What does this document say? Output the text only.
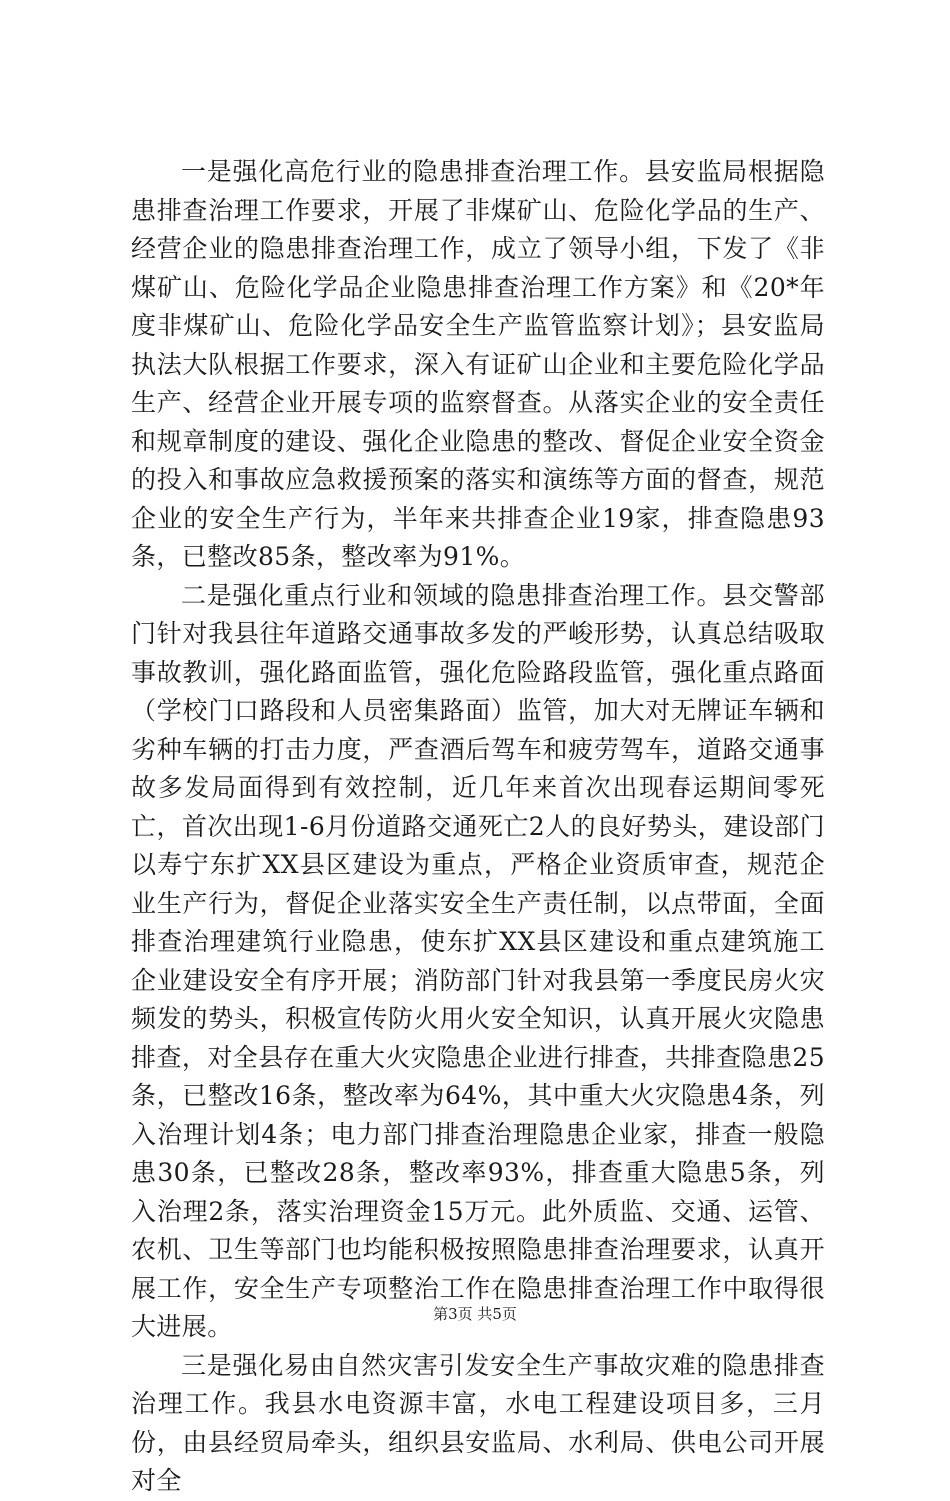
一是强化高危行业的隐患排查治理工作。县安监局根据隐患排查治理工作要求，开展了非煤矿山、危险化学品的生产、经营企业的隐患排查治理工作，成立了领导小组，下发了《非煤矿山、危险化学品企业隐患排查治理工作方案》和《20*年度非煤矿山、危险化学品安全生产监管监察计划》；县安监局执法大队根据工作要求，深入有证矿山企业和主要危险化学品生产、经营企业开展专项的监察督查。从落实企业的安全责任和规章制度的建设、强化企业隐患的整改、督促企业安全资金的投入和事故应急救援预案的落实和演练等方面的督查，规范企业的安全生产行为，半年来共排查企业19家，排查隐患93条，已整改85条，整改率为91%。

二是强化重点行业和领域的隐患排查治理工作。县交警部门针对我县往年道路交通事故多发的严峻形势，认真总结吸取事故教训，强化路面监管，强化危险路段监管，强化重点路面（学校门口路段和人员密集路面）监管，加大对无牌证车辆和劣种车辆的打击力度，严查酒后驾车和疲劳驾车，道路交通事故多发局面得到有效控制，近几年来首次出现春运期间零死亡，首次出现1-6月份道路交通死亡2人的良好势头，建设部门以寿宁东扩XX县区建设为重点，严格企业资质审查，规范企业生产行为，督促企业落实安全生产责任制，以点带面，全面排查治理建筑行业隐患，使东扩XX县区建设和重点建筑施工企业建设安全有序开展；消防部门针对我县第一季度民房火灾频发的势头，积极宣传防火用火安全知识，认真开展火灾隐患排查，对全县存在重大火灾隐患企业进行排查，共排查隐患25条，已整改16条，整改率为64%，其中重大火灾隐患4条，列入治理计划4条；电力部门排查治理隐患企业家，排查一般隐患30条，已整改28条，整改率93%，排查重大隐患5条，列入治理2条，落实治理资金15万元。此外质监、交通、运管、农机、卫生等部门也均能积极按照隐患排查治理要求，认真开展工作，安全生产专项整治工作在隐患排查治理工作中取得很大进展。

三是强化易由自然灾害引发安全生产事故灾难的隐患排查治理工作。我县水电资源丰富，水电工程建设项目多，三月份，由县经贸局牵头，组织县安监局、水利局、供电公司开展对全

第3页 共5页
